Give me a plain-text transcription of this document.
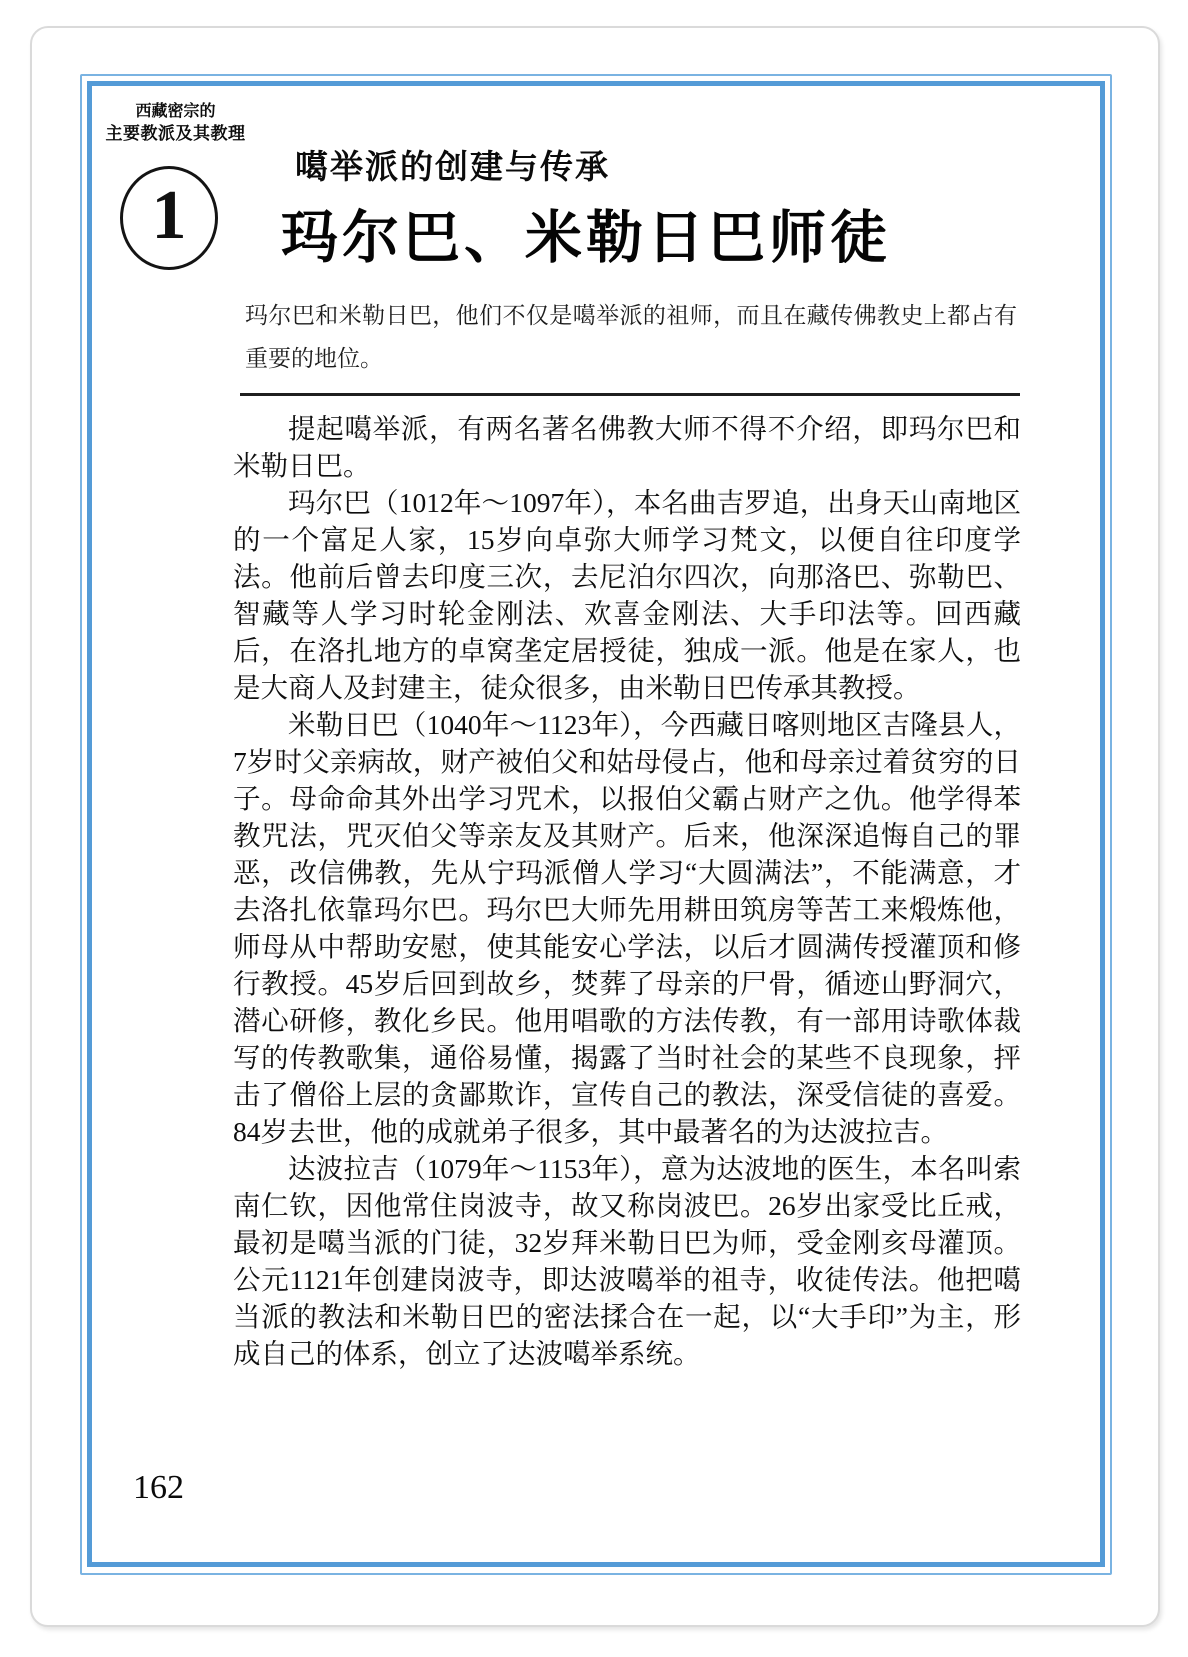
西藏密宗的
主要教派及其教理
1
噶举派的创建与传承
玛尔巴、米勒日巴师徒
玛尔巴和米勒日巴，他们不仅是噶举派的祖师，而且在藏传佛教史上都占有重要的地位。

提起噶举派，有两名著名佛教大师不得不介绍，即玛尔巴和米勒日巴。

玛尔巴（1012年～1097年），本名曲吉罗追，出身天山南地区的一个富足人家，15岁向卓弥大师学习梵文，以便自往印度学法。他前后曾去印度三次，去尼泊尔四次，向那洛巴、弥勒巴、智藏等人学习时轮金刚法、欢喜金刚法、大手印法等。回西藏后，在洛扎地方的卓窝垄定居授徒，独成一派。他是在家人，也是大商人及封建主，徒众很多，由米勒日巴传承其教授。

米勒日巴（1040年～1123年），今西藏日喀则地区吉隆县人，7岁时父亲病故，财产被伯父和姑母侵占，他和母亲过着贫穷的日子。母命命其外出学习咒术，以报伯父霸占财产之仇。他学得苯教咒法，咒灭伯父等亲友及其财产。后来，他深深追悔自己的罪恶，改信佛教，先从宁玛派僧人学习“大圆满法”，不能满意，才去洛扎依靠玛尔巴。玛尔巴大师先用耕田筑房等苦工来煅炼他，师母从中帮助安慰，使其能安心学法，以后才圆满传授灌顶和修行教授。45岁后回到故乡，焚葬了母亲的尸骨，循迹山野洞穴，潜心研修，教化乡民。他用唱歌的方法传教，有一部用诗歌体裁写的传教歌集，通俗易懂，揭露了当时社会的某些不良现象，抨击了僧俗上层的贪鄙欺诈，宣传自己的教法，深受信徒的喜爱。84岁去世，他的成就弟子很多，其中最著名的为达波拉吉。

达波拉吉（1079年～1153年），意为达波地的医生，本名叫索南仁钦，因他常住岗波寺，故又称岗波巴。26岁出家受比丘戒，最初是噶当派的门徒，32岁拜米勒日巴为师，受金刚亥母灌顶。公元1121年创建岗波寺，即达波噶举的祖寺，收徒传法。他把噶当派的教法和米勒日巴的密法揉合在一起，以“大手印”为主，形成自己的体系，创立了达波噶举系统。

162
